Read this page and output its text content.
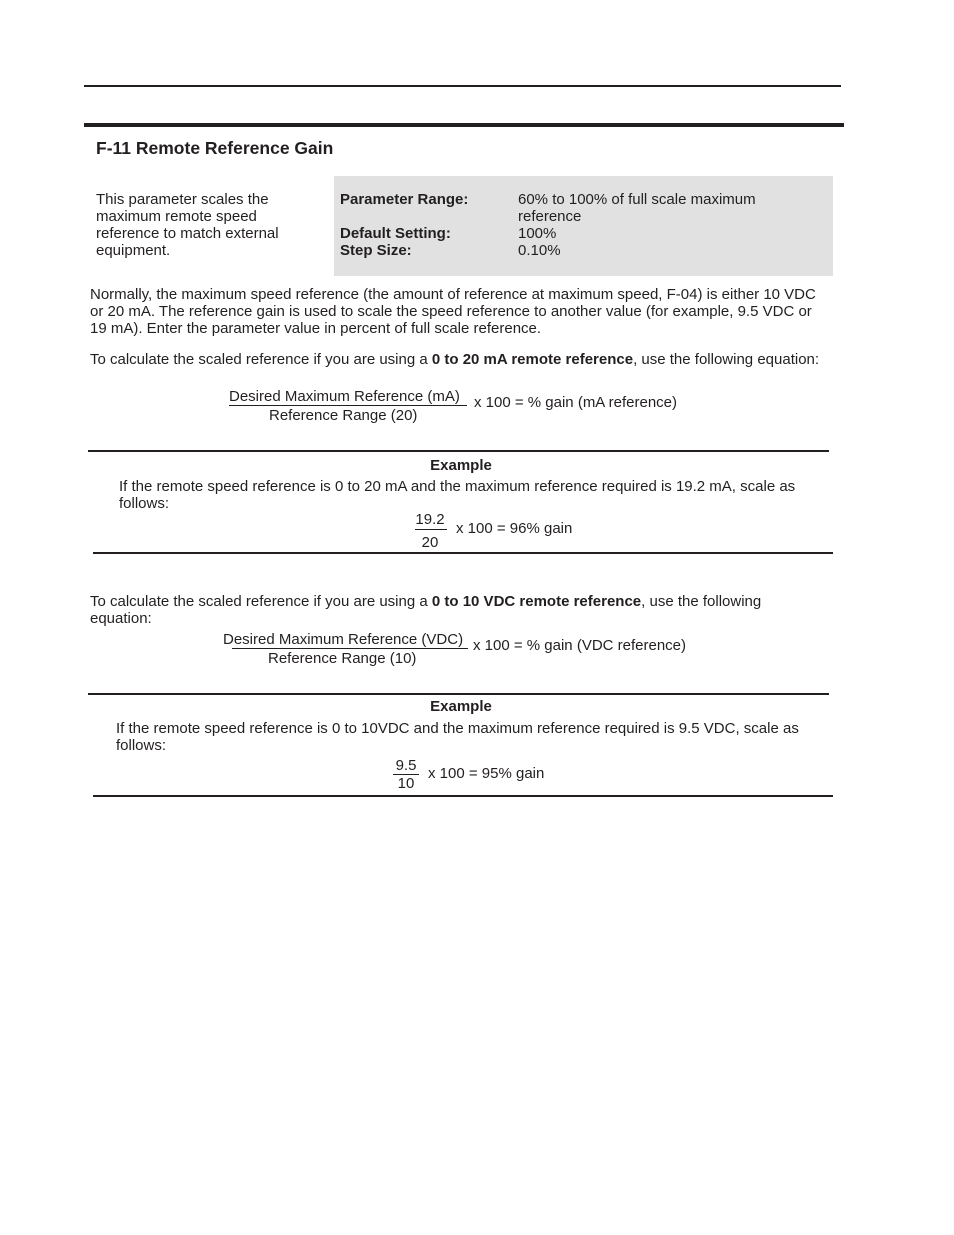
F-11 Remote Reference Gain
This parameter scales the maximum remote speed reference to match external equipment.
Parameter Range:	60% to 100% of full scale maximum reference
Default Setting:	100%
Step Size:	0.10%
Normally, the maximum speed reference (the amount of reference at maximum speed, F-04) is either 10 VDC or 20 mA. The reference gain is used to scale the speed reference to another value (for example, 9.5 VDC or 19 mA). Enter the parameter value in percent of full scale reference.
To calculate the scaled reference if you are using a 0 to 20 mA remote reference, use the following equation:
Desired Maximum Reference (mA)
Reference Range (20)
x 100 = % gain (mA reference)
Example
If the remote speed reference is 0 to 20 mA and the maximum reference required is 19.2 mA, scale as follows:
19.2
20
x 100 = 96% gain
To calculate the scaled reference if you are using a 0 to 10 VDC remote reference, use the following equation:
Desired Maximum Reference (VDC)
Reference Range (10)
x 100 = % gain (VDC reference)
Example
If the remote speed reference is 0 to 10VDC and the maximum reference required is 9.5 VDC, scale as follows:
9.5
10
x 100 = 95% gain
